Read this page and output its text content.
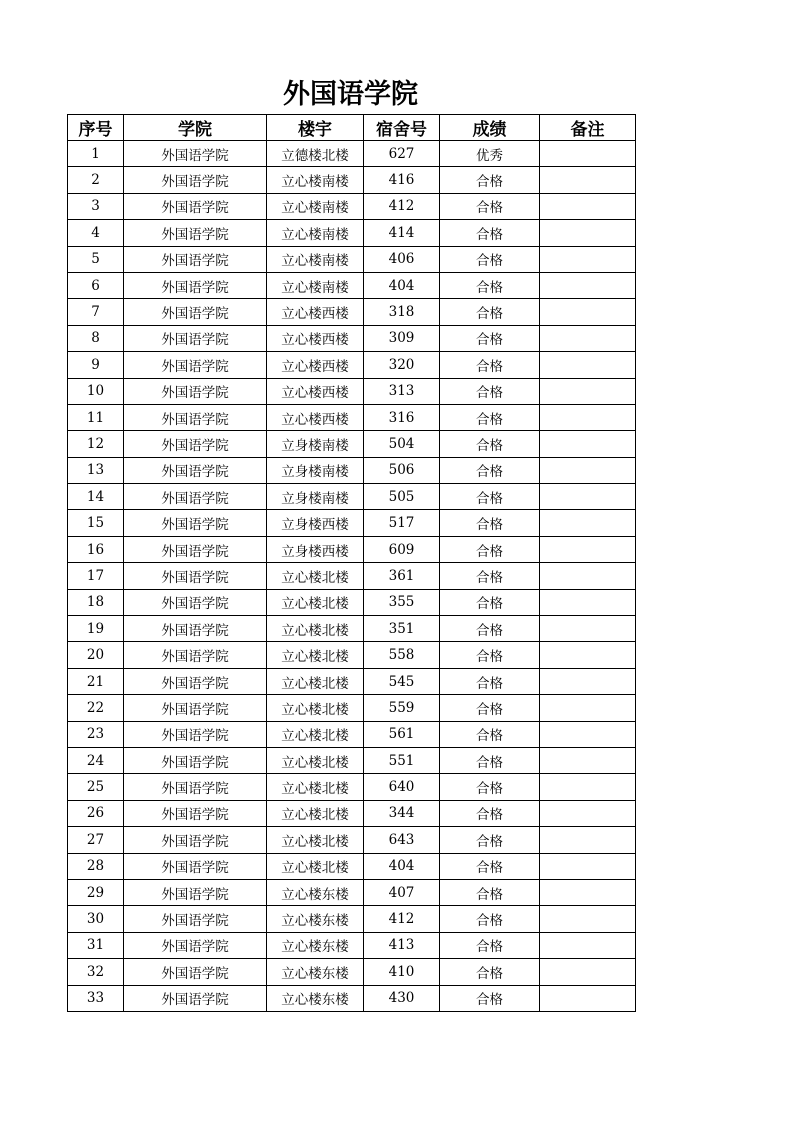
外国语学院
序号	学院	楼宇	宿舍号	成绩	备注
1	外国语学院	立德楼北楼	627	优秀	
2	外国语学院	立心楼南楼	416	合格	
3	外国语学院	立心楼南楼	412	合格	
4	外国语学院	立心楼南楼	414	合格	
5	外国语学院	立心楼南楼	406	合格	
6	外国语学院	立心楼南楼	404	合格	
7	外国语学院	立心楼西楼	318	合格	
8	外国语学院	立心楼西楼	309	合格	
9	外国语学院	立心楼西楼	320	合格	
10	外国语学院	立心楼西楼	313	合格	
11	外国语学院	立心楼西楼	316	合格	
12	外国语学院	立身楼南楼	504	合格	
13	外国语学院	立身楼南楼	506	合格	
14	外国语学院	立身楼南楼	505	合格	
15	外国语学院	立身楼西楼	517	合格	
16	外国语学院	立身楼西楼	609	合格	
17	外国语学院	立心楼北楼	361	合格	
18	外国语学院	立心楼北楼	355	合格	
19	外国语学院	立心楼北楼	351	合格	
20	外国语学院	立心楼北楼	558	合格	
21	外国语学院	立心楼北楼	545	合格	
22	外国语学院	立心楼北楼	559	合格	
23	外国语学院	立心楼北楼	561	合格	
24	外国语学院	立心楼北楼	551	合格	
25	外国语学院	立心楼北楼	640	合格	
26	外国语学院	立心楼北楼	344	合格	
27	外国语学院	立心楼北楼	643	合格	
28	外国语学院	立心楼北楼	404	合格	
29	外国语学院	立心楼东楼	407	合格	
30	外国语学院	立心楼东楼	412	合格	
31	外国语学院	立心楼东楼	413	合格	
32	外国语学院	立心楼东楼	410	合格	
33	外国语学院	立心楼东楼	430	合格	
